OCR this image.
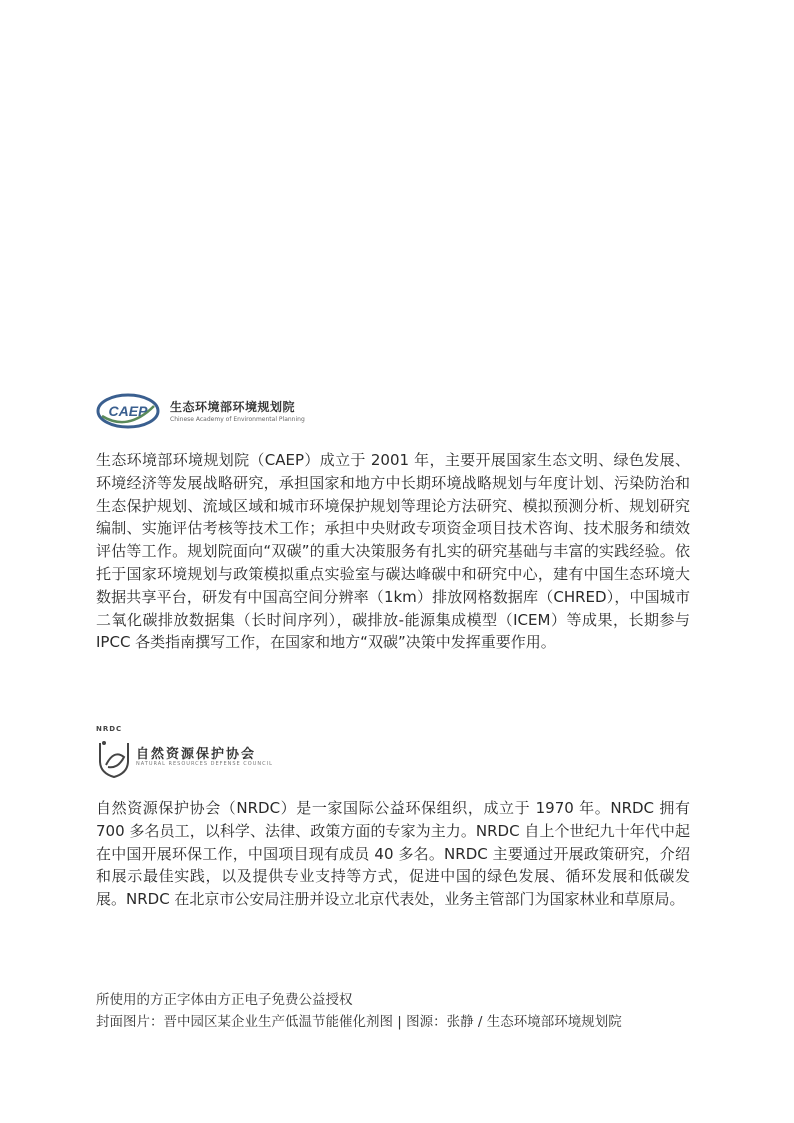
CAEP 生态环境部环境规划院
Chinese Academy of Environmental Planning

生态环境部环境规划院（CAEP）成立于 2001 年，主要开展国家生态文明、绿色发展、环境经济等发展战略研究，承担国家和地方中长期环境战略规划与年度计划、污染防治和生态保护规划、流域区域和城市环境保护规划等理论方法研究、模拟预测分析、规划研究编制、实施评估考核等技术工作；承担中央财政专项资金项目技术咨询、技术服务和绩效评估等工作。规划院面向“双碳”的重大决策服务有扎实的研究基础与丰富的实践经验。依托于国家环境规划与政策模拟重点实验室与碳达峰碳中和研究中心，建有中国生态环境大数据共享平台，研发有中国高空间分辨率（1km）排放网格数据库（CHRED），中国城市二氧化碳排放数据集（长时间序列），碳排放-能源集成模型（ICEM）等成果，长期参与 IPCC 各类指南撰写工作，在国家和地方“双碳”决策中发挥重要作用。

NRDC
自然资源保护协会
NATURAL RESOURCES DEFENSE COUNCIL

自然资源保护协会（NRDC）是一家国际公益环保组织，成立于 1970 年。NRDC 拥有 700 多名员工，以科学、法律、政策方面的专家为主力。NRDC 自上个世纪九十年代中起在中国开展环保工作，中国项目现有成员 40 多名。NRDC 主要通过开展政策研究，介绍和展示最佳实践，以及提供专业支持等方式，促进中国的绿色发展、循环发展和低碳发展。NRDC 在北京市公安局注册并设立北京代表处，业务主管部门为国家林业和草原局。

所使用的方正字体由方正电子免费公益授权

封面图片：晋中园区某企业生产低温节能催化剂图 | 图源：张静 / 生态环境部环境规划院
